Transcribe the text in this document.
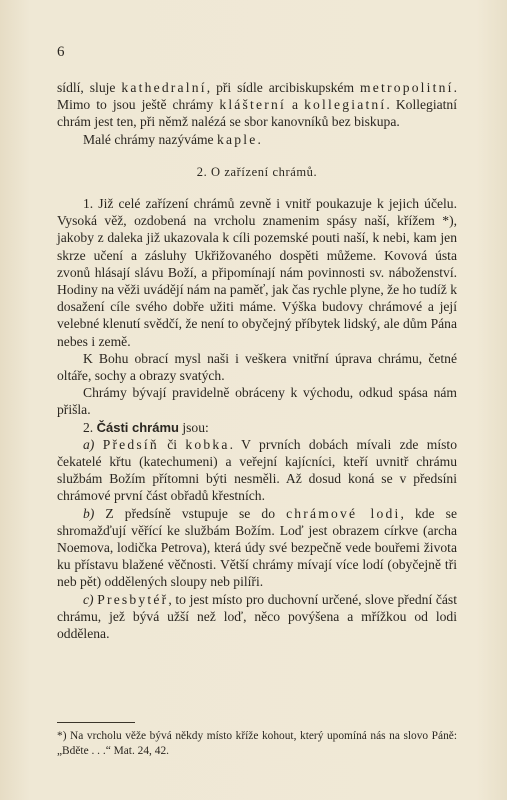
6

sídlí, sluje kathedralní, při sídle arcibiskupském metropolitní. Mimo to jsou ještě chrámy klášterní a kollegiatní. Kollegiatní chrám jest ten, při němž nalézá se sbor kanovníků bez biskupa.

Malé chrámy nazýváme kaple.

2. O zařízení chrámů.

1. Již celé zařízení chrámů zevně i vnitř poukazuje k jejich účelu. Vysoká věž, ozdobená na vrcholu znamenim spásy naší, křížem *), jakoby z daleka již ukazovala k cíli pozemské pouti naší, k nebi, kam jen skrze učení a zásluhy Ukřižovaného dospěti můžeme. Kovová ústa zvonů hlásají slávu Boží, a připomínají nám povinnosti sv. náboženství. Hodiny na věži uvádějí nám na paměť, jak čas rychle plyne, že ho tudíž k dosažení cíle svého dobře užiti máme. Výška budovy chrámové a její velebné klenutí svědčí, že není to obyčejný příbytek lidský, ale dům Pána nebes i země.

K Bohu obrací mysl naši i veškera vnitřní úprava chrámu, četné oltáře, sochy a obrazy svatých.

Chrámy bývají pravidelně obráceny k východu, odkud spása nám přišla.

2. Části chrámu jsou:

a) Předsíň či kobka. V prvních dobách mívali zde místo čekatelé křtu (katechumeni) a veřejní kajícníci, kteří uvnitř chrámu službám Božím přítomni býti nesměli. Až dosud koná se v předsíni chrámové první část obřadů křestních.

b) Z předsíně vstupuje se do chrámové lodi, kde se shromažďují věřící ke službám Božím. Loď jest obrazem církve (archa Noemova, lodička Petrova), která údy své bezpečně vede bouřemi života ku přístavu blažené věčnosti. Větší chrámy mívají více lodí (obyčejně tři neb pět) oddělených sloupy neb pilíři.

c) Presbytéř, to jest místo pro duchovní určené, slove přední část chrámu, jež bývá užší než loď, něco povýšena a mřížkou od lodi oddělena.

*) Na vrcholu věže bývá někdy místo kříže kohout, který upomíná nás na slovo Páně: „Bděte . . .“ Mat. 24, 42.
